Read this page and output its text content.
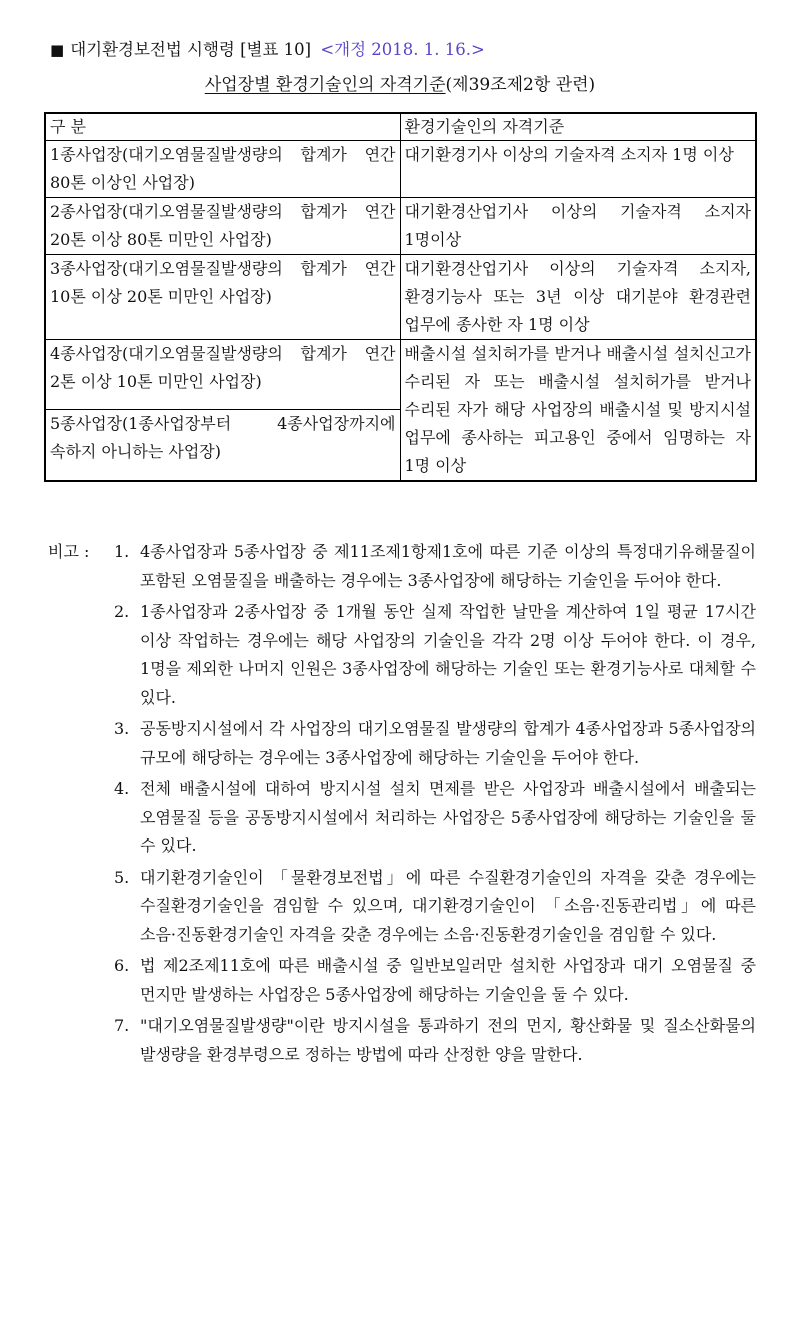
■ 대기환경보전법 시행령 [별표 10] <개정 2018. 1. 16.>
사업장별 환경기술인의 자격기준(제39조제2항 관련)
구 분	환경기술인의 자격기준
1종사업장(대기오염물질발생량의 합계가 연간 80톤 이상인 사업장)	대기환경기사 이상의 기술자격 소지자 1명 이상
2종사업장(대기오염물질발생량의 합계가 연간 20톤 이상 80톤 미만인 사업장)	대기환경산업기사 이상의 기술자격 소지자 1명이상
3종사업장(대기오염물질발생량의 합계가 연간 10톤 이상 20톤 미만인 사업장)	대기환경산업기사 이상의 기술자격 소지자, 환경기능사 또는 3년 이상 대기분야 환경관련 업무에 종사한 자 1명 이상
4종사업장(대기오염물질발생량의 합계가 연간 2톤 이상 10톤 미만인 사업장)	배출시설 설치허가를 받거나 배출시설 설치신고가 수리된 자 또는 배출시설 설치허가를 받거나 수리된 자가 해당 사업장의 배출시설 및 방지시설 업무에 종사하는 피고용인 중에서 임명하는 자 1명 이상
5종사업장(1종사업장부터 4종사업장까지에 속하지 아니하는 사업장)	
비고 :	1. 4종사업장과 5종사업장 중 제11조제1항제1호에 따른 기준 이상의 특정대기유해물질이 포함된 오염물질을 배출하는 경우에는 3종사업장에 해당하는 기술인을 두어야 한다.
2. 1종사업장과 2종사업장 중 1개월 동안 실제 작업한 날만을 계산하여 1일 평균 17시간 이상 작업하는 경우에는 해당 사업장의 기술인을 각각 2명 이상 두어야 한다. 이 경우, 1명을 제외한 나머지 인원은 3종사업장에 해당하는 기술인 또는 환경기능사로 대체할 수 있다.
3. 공동방지시설에서 각 사업장의 대기오염물질 발생량의 합계가 4종사업장과 5종사업장의 규모에 해당하는 경우에는 3종사업장에 해당하는 기술인을 두어야 한다.
4. 전체 배출시설에 대하여 방지시설 설치 면제를 받은 사업장과 배출시설에서 배출되는 오염물질 등을 공동방지시설에서 처리하는 사업장은 5종사업장에 해당하는 기술인을 둘 수 있다.
5. 대기환경기술인이 「물환경보전법」에 따른 수질환경기술인의 자격을 갖춘 경우에는 수질환경기술인을 겸임할 수 있으며, 대기환경기술인이 「소음·진동관리법」에 따른 소음·진동환경기술인 자격을 갖춘 경우에는 소음·진동환경기술인을 겸임할 수 있다.
6. 법 제2조제11호에 따른 배출시설 중 일반보일러만 설치한 사업장과 대기 오염물질 중 먼지만 발생하는 사업장은 5종사업장에 해당하는 기술인을 둘 수 있다.
7. "대기오염물질발생량"이란 방지시설을 통과하기 전의 먼지, 황산화물 및 질소산화물의 발생량을 환경부령으로 정하는 방법에 따라 산정한 양을 말한다.
